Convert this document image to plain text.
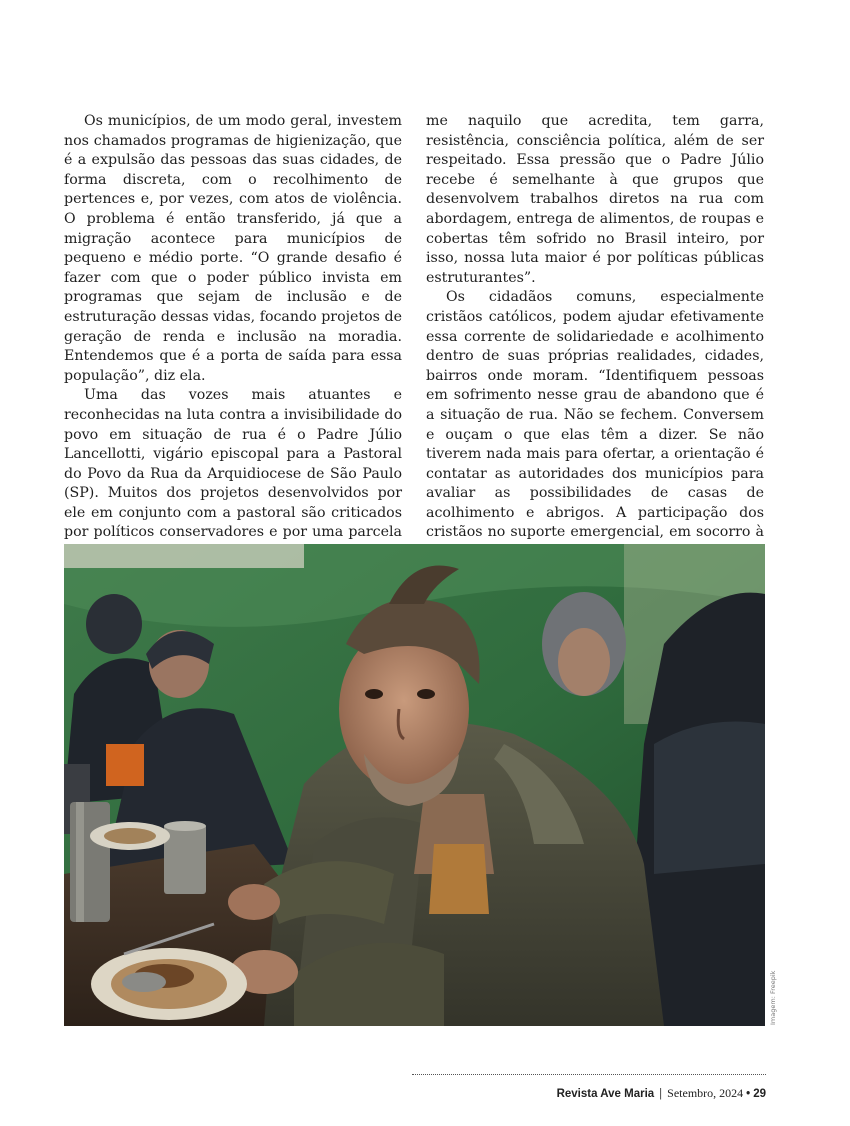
Os municípios, de um modo geral, investem nos chamados programas de higienização, que é a expulsão das pessoas das suas cidades, de forma discreta, com o recolhimento de pertences e, por vezes, com atos de violência. O problema é então transferido, já que a migração acontece para municípios de pequeno e médio porte. “O grande desafio é fazer com que o poder público invista em programas que sejam de inclusão e de estruturação dessas vidas, focando projetos de geração de renda e inclusão na moradia. Entendemos que é a porta de saída para essa população”, diz ela.

Uma das vozes mais atuantes e reconhecidas na luta contra a invisibilidade do povo em situação de rua é o Padre Júlio Lancellotti, vigário episcopal para a Pastoral do Povo da Rua da Arquidiocese de São Paulo (SP). Muitos dos projetos desenvolvidos por ele em conjunto com a pastoral são criticados por políticos conservadores e por uma parcela

me naquilo que acredita, tem garra, resistência, consciência política, além de ser respeitado. Essa pressão que o Padre Júlio recebe é semelhante à que grupos que desenvolvem trabalhos diretos na rua com abordagem, entrega de alimentos, de roupas e cobertas têm sofrido no Brasil inteiro, por isso, nossa luta maior é por políticas públicas estruturantes”.

Os cidadãos comuns, especialmente cristãos católicos, podem ajudar efetivamente essa corrente de solidariedade e acolhimento dentro de suas próprias realidades, cidades, bairros onde moram. “Identifiquem pessoas em sofrimento nesse grau de abandono que é a situação de rua. Não se fechem. Conversem e ouçam o que elas têm a dizer. Se não tiverem nada mais para ofertar, a orientação é contatar as autoridades dos municípios para avaliar as possibilidades de casas de acolhimento e abrigos. A participação dos cristãos no suporte emergencial, em socorro à

Imagem: Freepik
Revista Ave Maria | Setembro, 2024 • 29
